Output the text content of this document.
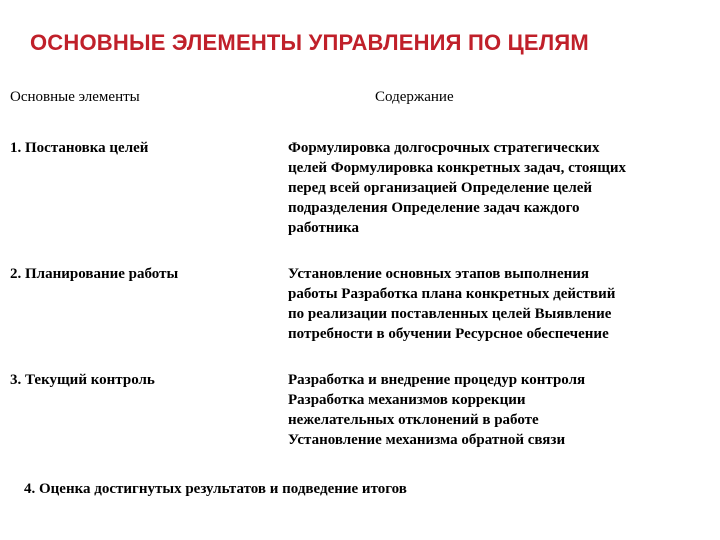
ОСНОВНЫЕ ЭЛЕМЕНТЫ УПРАВЛЕНИЯ ПО ЦЕЛЯМ
Основные элементы	Содержание
1. Постановка целей	Формулировка долгосрочных стратегических
целей Формулировка конкретных задач, стоящих
перед всей организацией Определение целей
подразделения Определение задач каждого
работника
2. Планирование работы	Установление основных этапов выполнения
работы Разработка плана конкретных действий
по реализации поставленных целей Выявление
потребности в обучении Ресурсное обеспечение
3. Текущий контроль	Разработка и внедрение процедур контроля
Разработка механизмов коррекции
нежелательных отклонений в работе
Установление механизма обратной связи
4. Оценка достигнутых результатов и подведение итогов
